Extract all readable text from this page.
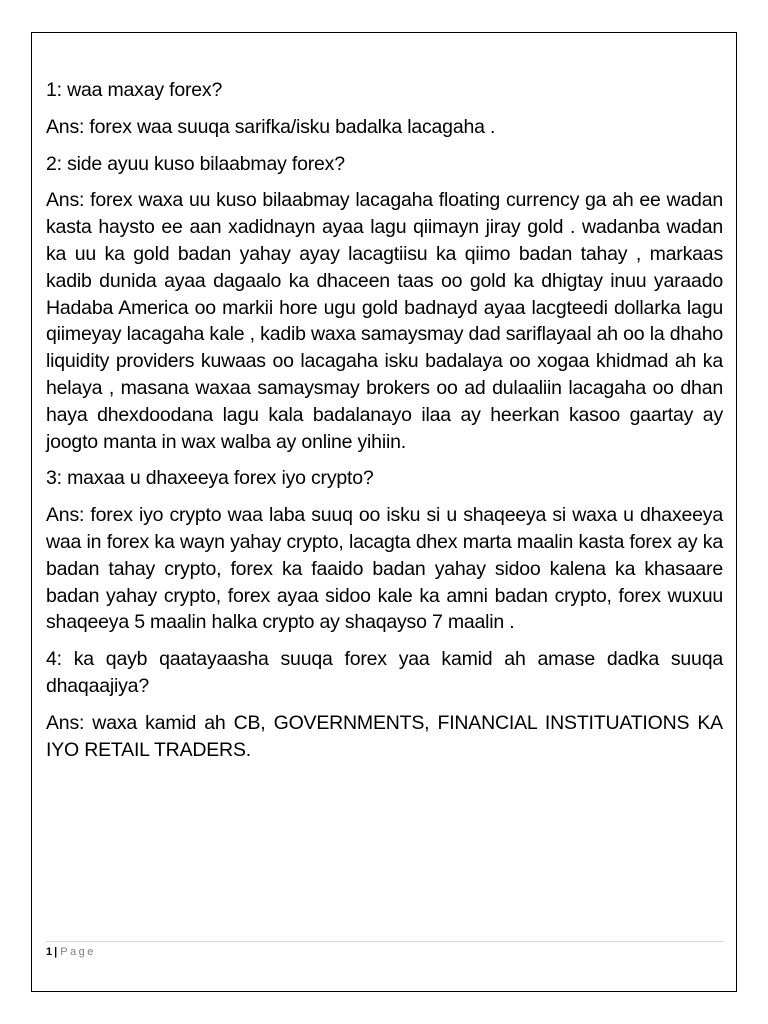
1: waa maxay forex?

Ans: forex waa suuqa sarifka/isku badalka lacagaha .

2: side ayuu kuso bilaabmay forex?

Ans: forex waxa uu kuso bilaabmay lacagaha floating currency ga ah ee wadan kasta haysto ee aan xadidnayn ayaa lagu qiimayn jiray gold . wadanba wadan ka uu ka gold badan yahay ayay lacagtiisu ka qiimo badan tahay , markaas kadib dunida ayaa dagaalo ka dhaceen taas oo gold ka dhigtay inuu yaraado Hadaba America oo markii hore ugu gold badnayd ayaa lacgteedi dollarka lagu qiimeyay lacagaha kale , kadib waxa samaysmay dad sariflayaal ah oo la dhaho liquidity providers kuwaas oo lacagaha isku badalaya oo xogaa khidmad ah ka helaya , masana waxaa samaysmay brokers oo ad dulaaliin lacagaha oo dhan haya dhexdoodana lagu kala badalanayo ilaa ay heerkan kasoo gaartay ay joogto manta in wax walba ay online yihiin.

3: maxaa u dhaxeeya forex iyo crypto?

Ans: forex iyo crypto waa laba suuq oo isku si u shaqeeya si waxa u dhaxeeya waa in forex ka wayn yahay crypto, lacagta dhex marta maalin kasta forex ay ka badan tahay crypto, forex ka faaido badan yahay sidoo kalena ka khasaare badan yahay crypto, forex ayaa sidoo kale ka amni badan crypto, forex wuxuu shaqeeya 5 maalin halka crypto ay shaqayso 7 maalin .

4: ka qayb qaatayaasha suuqa forex yaa kamid ah amase dadka suuqa dhaqaajiya?

Ans: waxa kamid ah CB, GOVERNMENTS, FINANCIAL INSTITUATIONS KA IYO RETAIL TRADERS.

1 | Page
